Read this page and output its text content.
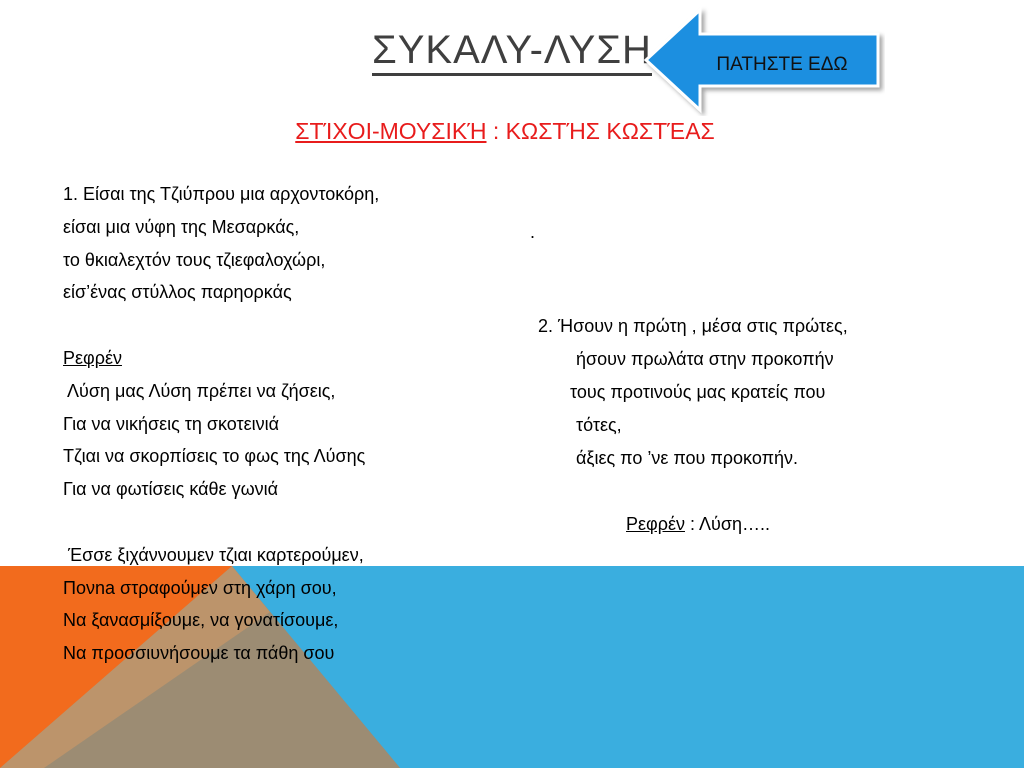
ΣΥΚΑΛΥ-ΛΥΣΗ	ΠΑΤΗΣΤΕ ΕΔΩ
ΣΤΊΧΟΙ-ΜΟΥΣΙΚΉ : ΚΩΣΤΉΣ ΚΩΣΤΈΑΣ
1. Είσαι της Τζιύπρου μια αρχοντοκόρη,
είσαι μια νύφη της Μεσαρκάς,
το θκιαλεχτόν τους τζιεφαλοχώρι,
είσ’ένας στύλλος παρηορκάς
Ρεφρέν
Λύση μας Λύση πρέπει να ζήσεις,
Για να νικήσεις τη σκοτεινιά
Τζιαι να σκορπίσεις το φως της Λύσης
Για να φωτίσεις κάθε γωνιά
Έσσε ξιχάννουμεν τζιαι καρτερούμεν,
Πονna στραφούμεν στη χάρη σου,
Να ξανασμίξουμε, να γονατίσουμε,
Να προσσιυνήσουμε τα πάθη σου
.
2. Ήσουν η πρώτη , μέσα στις πρώτες,
ήσουν πρωλάτα στην προκοπήν
τους προτινούς μας κρατείς που
τότες,
άξιες πο ’νε που προκοπήν.
Ρεφρέν : Λύση…..
